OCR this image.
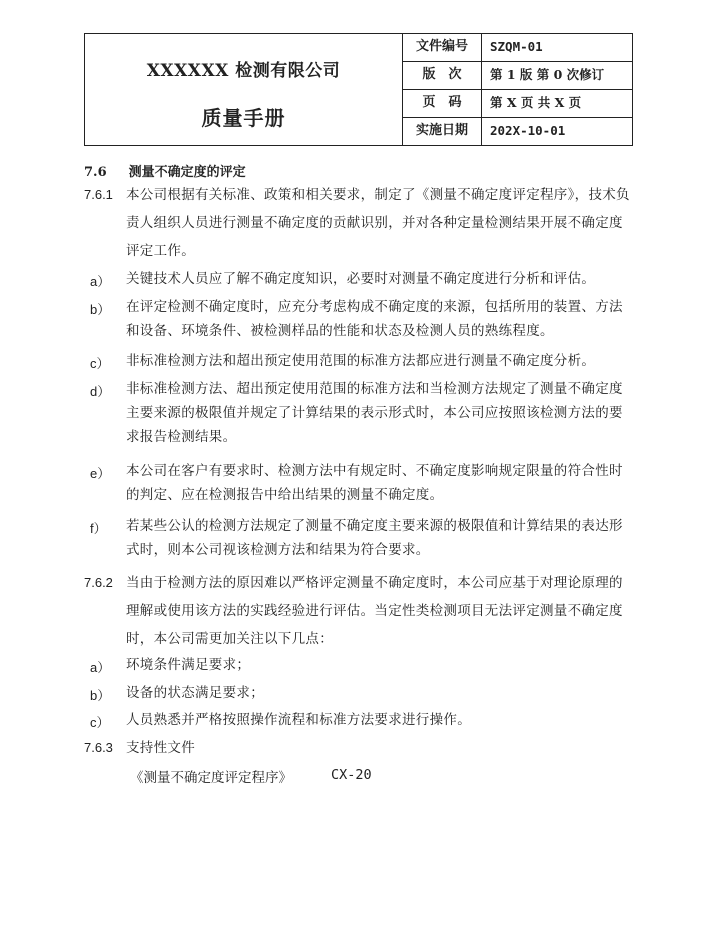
XXXXXX 检测有限公司
质量手册
文件编号	SZQM-01
版　次	第 1 版 第 0 次修订
页　码	第 X 页 共 X 页
实施日期	202X-10-01
7.6 测量不确定度的评定
7.6.1 本公司根据有关标准、政策和相关要求，制定了《测量不确定度评定程序》，技术负
责人组织人员进行测量不确定度的贡献识别，并对各种定量检测结果开展不确定度
评定工作。
a） 关键技术人员应了解不确定度知识，必要时对测量不确定度进行分析和评估。
b） 在评定检测不确定度时，应充分考虑构成不确定度的来源，包括所用的装置、方法
和设备、环境条件、被检测样品的性能和状态及检测人员的熟练程度。
c） 非标准检测方法和超出预定使用范围的标准方法都应进行测量不确定度分析。
d） 非标准检测方法、超出预定使用范围的标准方法和当检测方法规定了测量不确定度
主要来源的极限值并规定了计算结果的表示形式时，本公司应按照该检测方法的要
求报告检测结果。
e） 本公司在客户有要求时、检测方法中有规定时、不确定度影响规定限量的符合性时
的判定、应在检测报告中给出结果的测量不确定度。
f） 若某些公认的检测方法规定了测量不确定度主要来源的极限值和计算结果的表达形
式时，则本公司视该检测方法和结果为符合要求。
7.6.2 当由于检测方法的原因难以严格评定测量不确定度时，本公司应基于对理论原理的
理解或使用该方法的实践经验进行评估。当定性类检测项目无法评定测量不确定度
时，本公司需更加关注以下几点：
a） 环境条件满足要求；
b） 设备的状态满足要求；
c） 人员熟悉并严格按照操作流程和标准方法要求进行操作。
7.6.3 支持性文件
《测量不确定度评定程序》	CX-20
